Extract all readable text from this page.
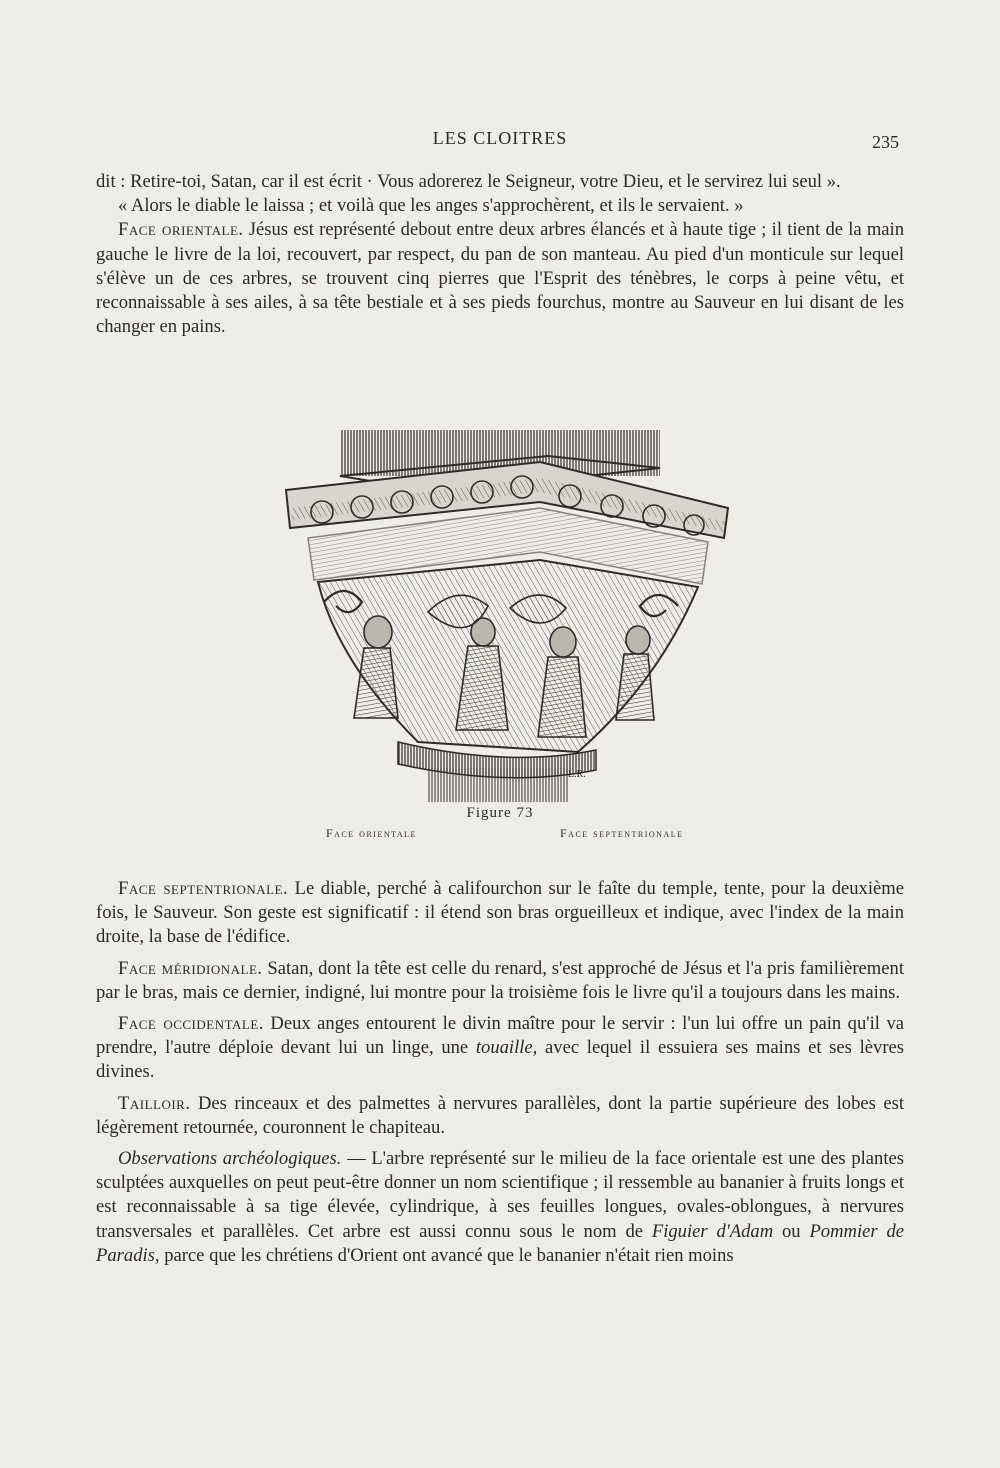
LES CLOITRES	235

dit : Retire-toi, Satan, car il est écrit · Vous adorerez le Seigneur, votre Dieu, et le servirez lui seul ».

« Alors le diable le laissa ; et voilà que les anges s'approchèrent, et ils le servaient. »

Face orientale. Jésus est représenté debout entre deux arbres élancés et à haute tige ; il tient de la main gauche le livre de la loi, recouvert, par respect, du pan de son manteau. Au pied d'un monticule sur lequel s'élève un de ces arbres, se trouvent cinq pierres que l'Esprit des ténèbres, le corps à peine vêtu, et reconnaissable à ses ailes, à sa tête bestiale et à ses pieds fourchus, montre au Sauveur en lui disant de les changer en pains.

L.R.
Figure 73
Face orientale	Face septentrionale

Face septentrionale. Le diable, perché à califourchon sur le faîte du temple, tente, pour la deuxième fois, le Sauveur. Son geste est significatif : il étend son bras orgueilleux et indique, avec l'index de la main droite, la base de l'édifice.

Face méridionale. Satan, dont la tête est celle du renard, s'est approché de Jésus et l'a pris familièrement par le bras, mais ce dernier, indigné, lui montre pour la troisième fois le livre qu'il a toujours dans les mains.

Face occidentale. Deux anges entourent le divin maître pour le servir : l'un lui offre un pain qu'il va prendre, l'autre déploie devant lui un linge, une touaille, avec lequel il essuiera ses mains et ses lèvres divines.

Tailloir. Des rinceaux et des palmettes à nervures parallèles, dont la partie supérieure des lobes est légèrement retournée, couronnent le chapiteau.

Observations archéologiques. — L'arbre représenté sur le milieu de la face orientale est une des plantes sculptées auxquelles on peut peut-être donner un nom scientifique ; il ressemble au bananier à fruits longs et est reconnaissable à sa tige élevée, cylindrique, à ses feuilles longues, ovales-oblongues, à nervures transversales et parallèles. Cet arbre est aussi connu sous le nom de Figuier d'Adam ou Pommier de Paradis, parce que les chrétiens d'Orient ont avancé que le bananier n'était rien moins
